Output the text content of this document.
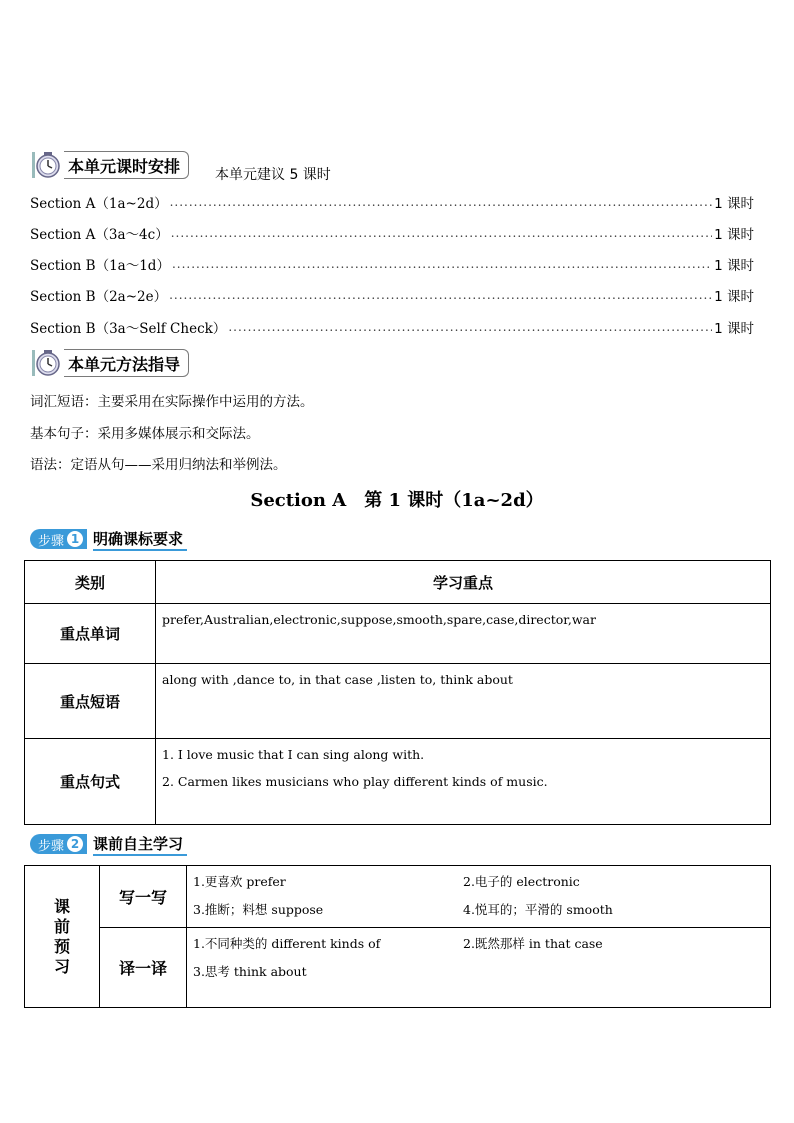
本单元课时安排	本单元建议 5 课时
Section A（1a~2d） .....	1 课时
Section A（3a～4c） .....	1 课时
Section B（1a～1d） .....	1 课时
Section B（2a~2e） .....	1 课时
Section B（3a～Self Check） .....	1 课时
本单元方法指导
词汇短语：主要采用在实际操作中运用的方法。
基本句子：采用多媒体展示和交际法。
语法：定语从句——采用归纳法和举例法。
Section A　第 1 课时（1a~2d）
步骤 1 明确课标要求
类别	学习重点
重点单词	prefer,Australian,electronic,suppose,smooth,spare,case,director,war

重点短语	along with ,dance to, in that case ,listen to, think about

重点句式	1. I love music that I can sing along with.

2. Carmen likes musicians who play different kinds of music.

步骤 2 课前自主学习
课前预习	写一写	1.更喜欢 prefer 2.电子的 electronic
3.推断；料想 suppose 4.悦耳的；平滑的 smooth

	译一译	1.不同种类的 different kinds of 2.既然那样 in that case
3.思考 think about
